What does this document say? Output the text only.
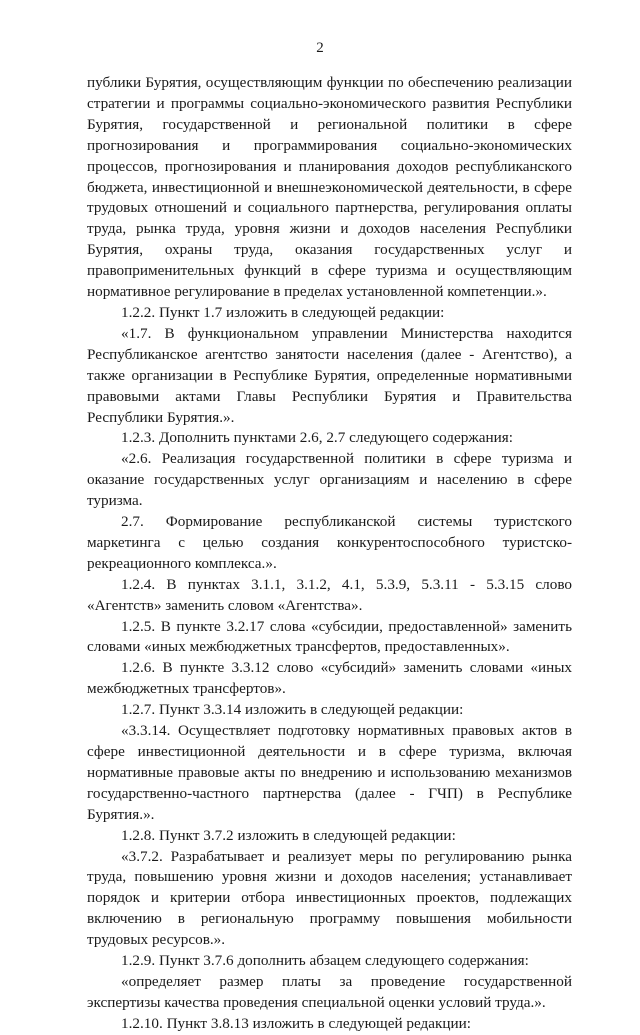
2

публики Бурятия, осуществляющим функции по обеспечению реализации стратегии и программы социально-экономического развития Республики Бурятия, государственной и региональной политики в сфере прогнозирования и программирования социально-экономических процессов, прогнозирования и планирования доходов республиканского бюджета, инвестиционной и внешнеэкономической деятельности, в сфере трудовых отношений и социального партнерства, регулирования оплаты труда, рынка труда, уровня жизни и доходов населения Республики Бурятия, охраны труда, оказания государственных услуг и правоприменительных функций в сфере туризма и осуществляющим нормативное регулирование в пределах установленной компетенции.».

1.2.2. Пункт 1.7 изложить в следующей редакции:

«1.7. В функциональном управлении Министерства находится Республиканское агентство занятости населения (далее - Агентство), а также организации в Республике Бурятия, определенные нормативными правовыми актами Главы Республики Бурятия и Правительства Республики Бурятия.».

1.2.3. Дополнить пунктами 2.6, 2.7 следующего содержания:

«2.6. Реализация государственной политики в сфере туризма и оказание государственных услуг организациям и населению в сфере туризма.

2.7. Формирование республиканской системы туристского маркетинга с целью создания конкурентоспособного туристско-рекреационного комплекса.».

1.2.4. В пунктах 3.1.1, 3.1.2, 4.1, 5.3.9, 5.3.11 - 5.3.15 слово «Агентств» заменить словом «Агентства».

1.2.5. В пункте 3.2.17 слова «субсидии, предоставленной» заменить словами «иных межбюджетных трансфертов, предоставленных».

1.2.6. В пункте 3.3.12 слово «субсидий» заменить словами «иных межбюджетных трансфертов».

1.2.7. Пункт 3.3.14 изложить в следующей редакции:

«3.3.14. Осуществляет подготовку нормативных правовых актов в сфере инвестиционной деятельности и в сфере туризма, включая нормативные правовые акты по внедрению и использованию механизмов государственно-частного партнерства (далее - ГЧП) в Республике Бурятия.».

1.2.8. Пункт 3.7.2 изложить в следующей редакции:

«3.7.2. Разрабатывает и реализует меры по регулированию рынка труда, повышению уровня жизни и доходов населения; устанавливает порядок и критерии отбора инвестиционных проектов, подлежащих включению в региональную программу повышения мобильности трудовых ресурсов.».

1.2.9. Пункт 3.7.6 дополнить абзацем следующего содержания:

«определяет размер платы за проведение государственной экспертизы качества проведения специальной оценки условий труда.».

1.2.10. Пункт 3.8.13 изложить в следующей редакции:
